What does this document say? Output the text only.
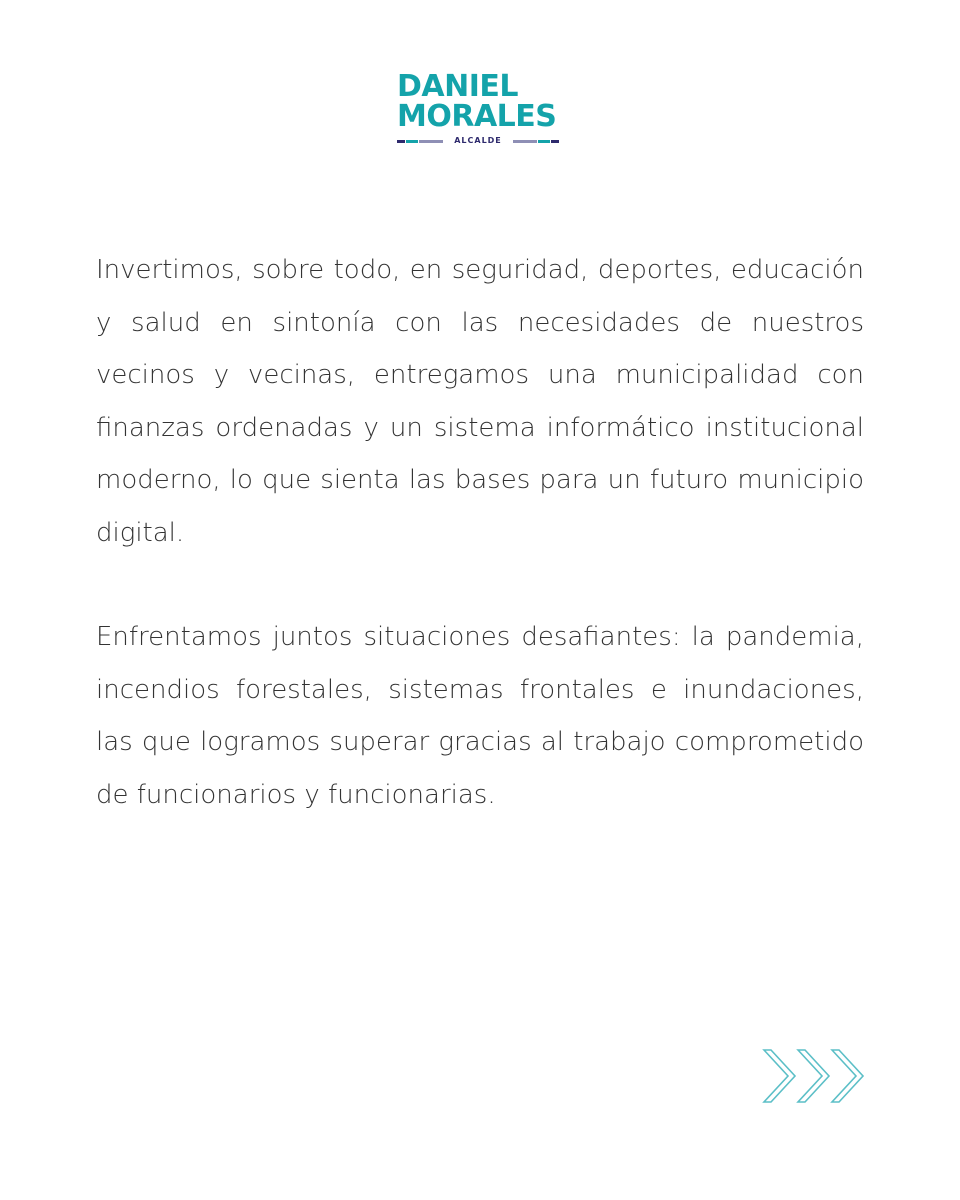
DANIEL
MORALES
ALCALDE

Invertimos, sobre todo, en seguridad, deportes, educación y salud en sintonía con las necesidades de nuestros vecinos y vecinas, entregamos una municipalidad con finanzas ordenadas y un sistema informático institucional moderno, lo que sienta las bases para un futuro municipio digital.

Enfrentamos juntos situaciones desafiantes: la pandemia, incendios forestales, sistemas frontales e inundaciones, las que logramos superar gracias al trabajo comprometido de funcionarios y funcionarias.
